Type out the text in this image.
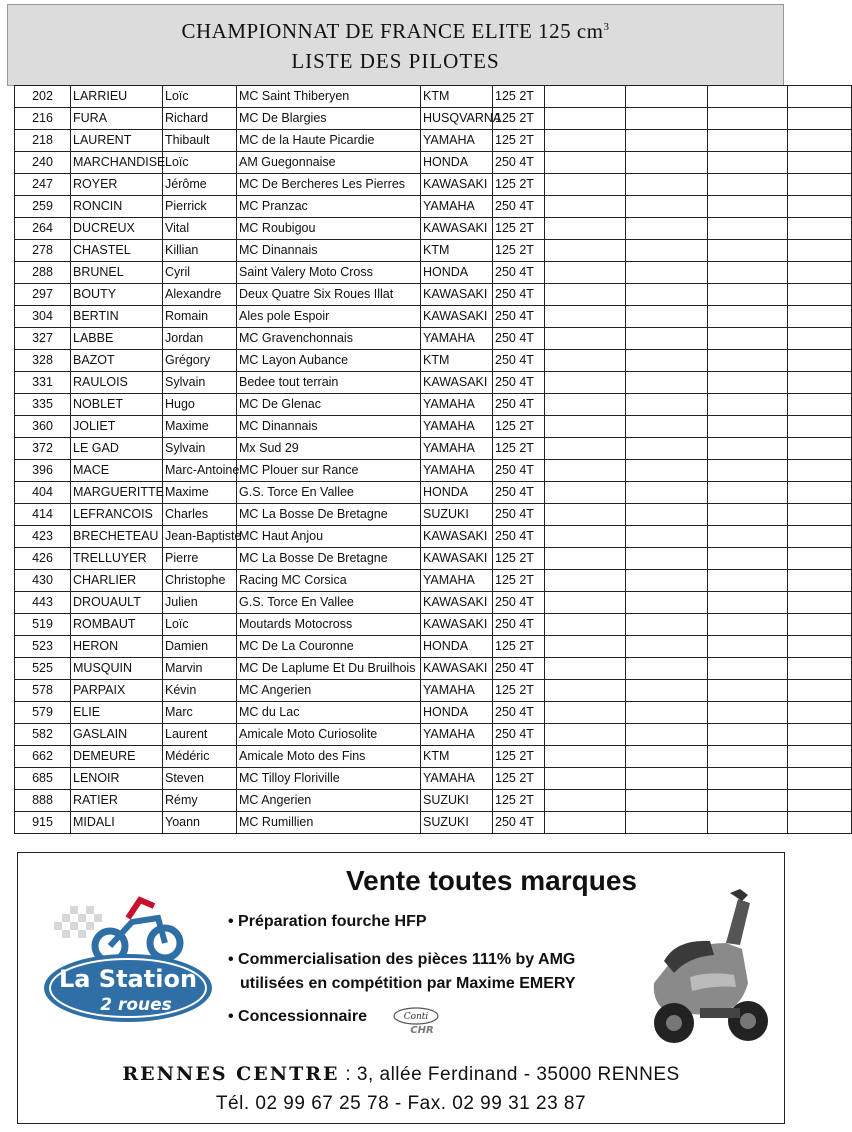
CHAMPIONNAT DE FRANCE ELITE 125 $cm^3$
LISTE DES PILOTES
202	LARRIEU	Loïc	MC Saint Thiberyen	KTM	125 2T				
216	FURA	Richard	MC De Blargies	HUSQVARNA	125 2T				
218	LAURENT	Thibault	MC de la Haute Picardie	YAMAHA	125 2T				
240	MARCHANDISE	Loïc	AM Guegonnaise	HONDA	250 4T				
247	ROYER	Jérôme	MC De Bercheres Les Pierres	KAWASAKI	125 2T				
259	RONCIN	Pierrick	MC Pranzac	YAMAHA	250 4T				
264	DUCREUX	Vital	MC Roubigou	KAWASAKI	125 2T				
278	CHASTEL	Killian	MC Dinannais	KTM	125 2T				
288	BRUNEL	Cyril	Saint Valery Moto Cross	HONDA	250 4T				
297	BOUTY	Alexandre	Deux Quatre Six Roues Illat	KAWASAKI	250 4T				
304	BERTIN	Romain	Ales pole Espoir	KAWASAKI	250 4T				
327	LABBE	Jordan	MC Gravenchonnais	YAMAHA	250 4T				
328	BAZOT	Grégory	MC Layon Aubance	KTM	250 4T				
331	RAULOIS	Sylvain	Bedee tout terrain	KAWASAKI	250 4T				
335	NOBLET	Hugo	MC De Glenac	YAMAHA	250 4T				
360	JOLIET	Maxime	MC Dinannais	YAMAHA	125 2T				
372	LE GAD	Sylvain	Mx Sud 29	YAMAHA	125 2T				
396	MACE	Marc-Antoine	MC Plouer sur Rance	YAMAHA	250 4T				
404	MARGUERITTE	Maxime	G.S. Torce En Vallee	HONDA	250 4T				
414	LEFRANCOIS	Charles	MC La Bosse De Bretagne	SUZUKI	250 4T				
423	BRECHETEAU	Jean-Baptiste	MC Haut Anjou	KAWASAKI	250 4T				
426	TRELLUYER	Pierre	MC La Bosse De Bretagne	KAWASAKI	125 2T				
430	CHARLIER	Christophe	Racing MC Corsica	YAMAHA	125 2T				
443	DROUAULT	Julien	G.S. Torce En Vallee	KAWASAKI	250 4T				
519	ROMBAUT	Loïc	Moutards Motocross	KAWASAKI	250 4T				
523	HERON	Damien	MC De La Couronne	HONDA	125 2T				
525	MUSQUIN	Marvin	MC De Laplume Et Du Bruilhois	KAWASAKI	250 4T				
578	PARPAIX	Kévin	MC Angerien	YAMAHA	125 2T				
579	ELIE	Marc	MC du Lac	HONDA	250 4T				
582	GASLAIN	Laurent	Amicale Moto Curiosolite	YAMAHA	250 4T				
662	DEMEURE	Médéric	Amicale Moto des Fins	KTM	125 2T				
685	LENOIR	Steven	MC Tilloy Floriville	YAMAHA	125 2T				
888	RATIER	Rémy	MC Angerien	SUZUKI	125 2T				
915	MIDALI	Yoann	MC Rumillien	SUZUKI	250 4T				
La Station
2 roues
Vente toutes marques
• Préparation fourche HFP
• Commercialisation des pièces 111% by AMG
utilisées en compétition par Maxime EMERY
• Concessionnaire	Conti
CHR
RENNES CENTRE : 3, allée Ferdinand - 35000 RENNES
Tél. 02 99 67 25 78 - Fax. 02 99 31 23 87
